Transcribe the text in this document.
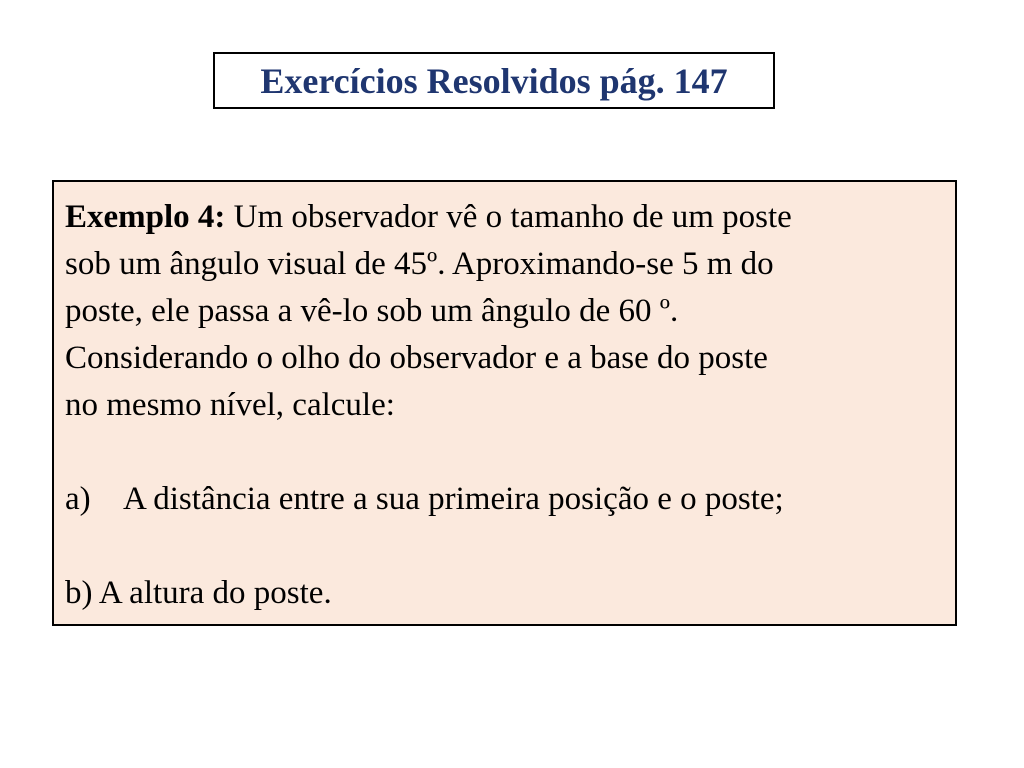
Exercícios Resolvidos pág. 147
Exemplo 4: Um observador vê o tamanho de um poste
sob um ângulo visual de 45º. Aproximando-se 5 m do
poste, ele passa a vê-lo sob um ângulo de 60 º.
Considerando o olho do observador e a base do poste
no mesmo nível, calcule:
a) A distância entre a sua primeira posição e o poste;
b) A altura do poste.
